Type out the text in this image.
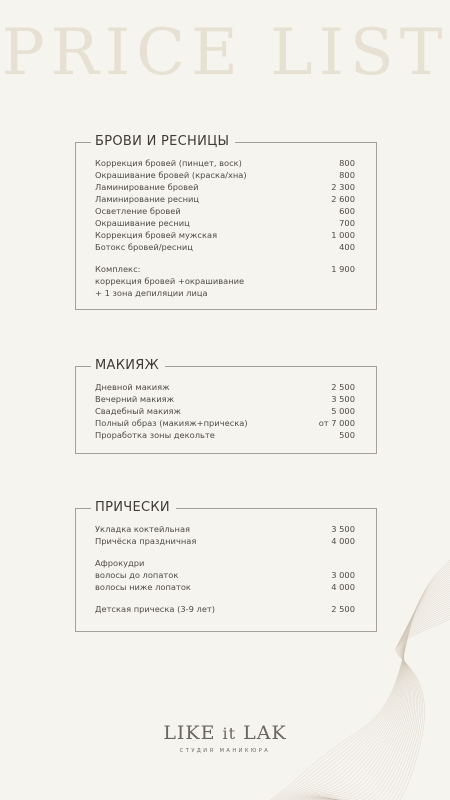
PRICE LIST
БРОВИ И РЕСНИЦЫ
Коррекция бровей (пинцет, воск)	800
Окрашивание бровей (краска/хна)	800
Ламинирование бровей	2 300
Ламинирование ресниц	2 600
Осветление бровей	600
Окрашивание ресниц	700
Коррекция бровей мужская	1 000
Ботокс бровей/ресниц	400
Комплекс:	1 900
коррекция бровей +окрашивание
+ 1 зона депиляции лица
МАКИЯЖ
Дневной макияж	2 500
Вечерний макияж	3 500
Свадебный макияж	5 000
Полный образ (макияж+прическа)	от 7 000
Проработка зоны декольте	500
ПРИЧЕСКИ
Укладка коктейльная	3 500
Причёска праздничная	4 000
Афрокудри
волосы до лопаток	3 000
волосы ниже лопаток	4 000
Детская прическа (3-9 лет)	2 500
LIKE it LAK
СТУДИЯ МАНИКЮРА
